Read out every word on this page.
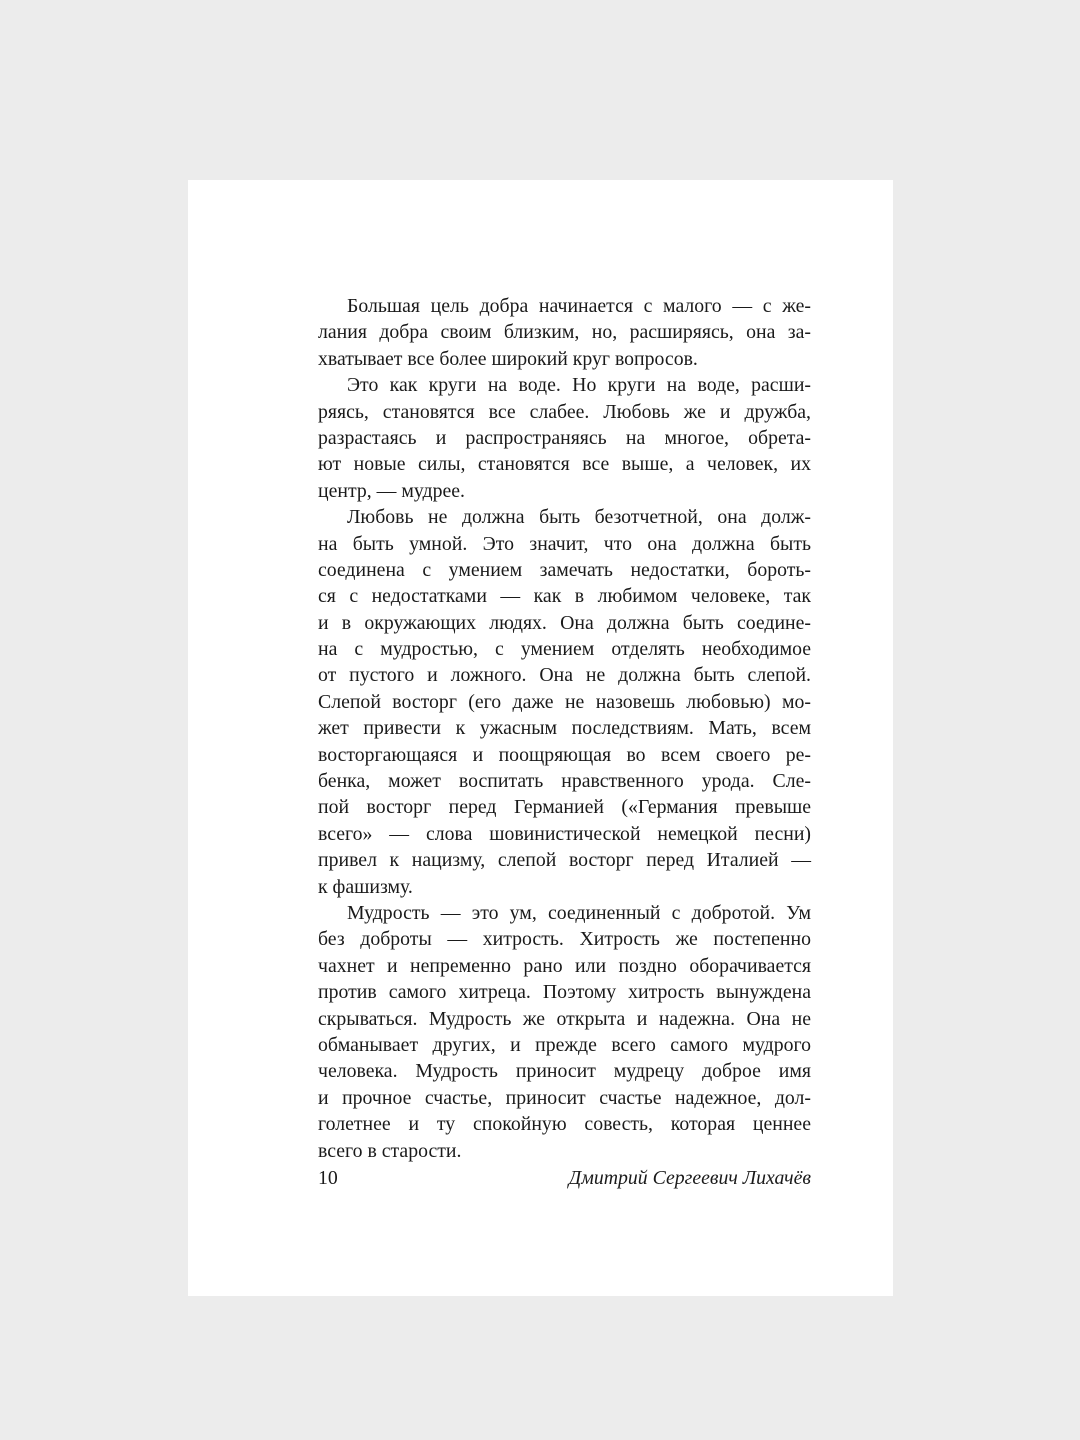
Большая цель добра начинается с малого — с же-
лания добра своим близким, но, расширяясь, она за-
хватывает все более широкий круг вопросов.
Это как круги на воде. Но круги на воде, расши-
ряясь, становятся все слабее. Любовь же и дружба,
разрастаясь и распространяясь на многое, обрета-
ют новые силы, становятся все выше, а человек, их
центр, — мудрее.
Любовь не должна быть безотчетной, она долж-
на быть умной. Это значит, что она должна быть
соединена с умением замечать недостатки, бороть-
ся с недостатками — как в любимом человеке, так
и в окружающих людях. Она должна быть соедине-
на с мудростью, с умением отделять необходимое
от пустого и ложного. Она не должна быть слепой.
Слепой восторг (его даже не назовешь любовью) мо-
жет привести к ужасным последствиям. Мать, всем
восторгающаяся и поощряющая во всем своего ре-
бенка, может воспитать нравственного урода. Сле-
пой восторг перед Германией («Германия превыше
всего» — слова шовинистической немецкой песни)
привел к нацизму, слепой восторг перед Италией —
к фашизму.
Мудрость — это ум, соединенный с добротой. Ум
без доброты — хитрость. Хитрость же постепенно
чахнет и непременно рано или поздно оборачивается
против самого хитреца. Поэтому хитрость вынуждена
скрываться. Мудрость же открыта и надежна. Она не
обманывает других, и прежде всего самого мудрого
человека. Мудрость приносит мудрецу доброе имя
и прочное счастье, приносит счастье надежное, дол-
голетнее и ту спокойную совесть, которая ценнее
всего в старости.
10	Дмитрий Сергеевич Лихачёв
